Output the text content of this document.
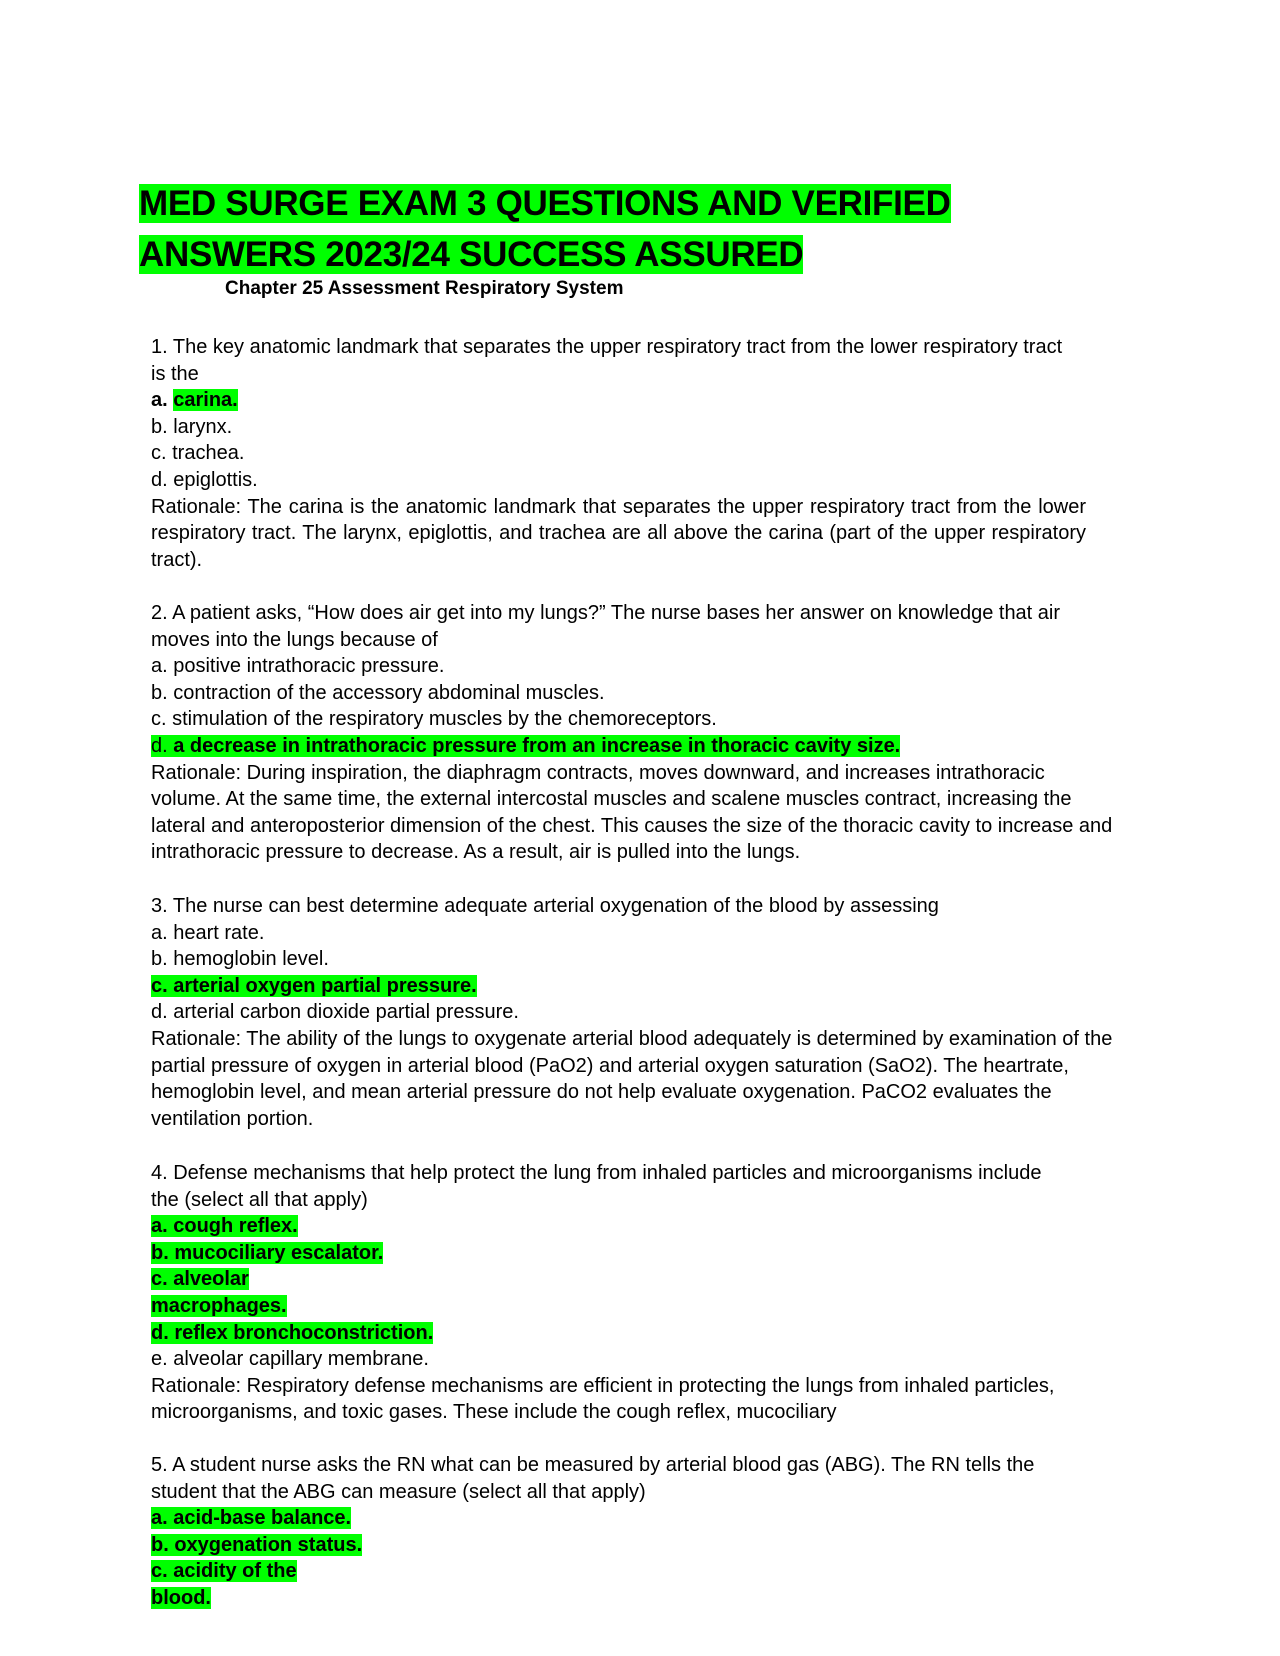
MED SURGE EXAM 3 QUESTIONS AND VERIFIED
ANSWERS 2023/24 SUCCESS ASSURED
Chapter 25 Assessment Respiratory System

1. The key anatomic landmark that separates the upper respiratory tract from the lower respiratory tract

is the

a. carina.

b. larynx.

c. trachea.

d. epiglottis.

Rationale: The carina is the anatomic landmark that separates the upper respiratory tract from the lower respiratory tract. The larynx, epiglottis, and trachea are all above the carina (part of the upper respiratory tract).

2. A patient asks, “How does air get into my lungs?” The nurse bases her answer on knowledge that air

moves into the lungs because of

a. positive intrathoracic pressure.

b. contraction of the accessory abdominal muscles.

c. stimulation of the respiratory muscles by the chemoreceptors.

d. a decrease in intrathoracic pressure from an increase in thoracic cavity size.

Rationale: During inspiration, the diaphragm contracts, moves downward, and increases intrathoracic

volume. At the same time, the external intercostal muscles and scalene muscles contract, increasing the

lateral and anteroposterior dimension of the chest. This causes the size of the thoracic cavity to increase and

intrathoracic pressure to decrease. As a result, air is pulled into the lungs.

3. The nurse can best determine adequate arterial oxygenation of the blood by assessing

a. heart rate.

b. hemoglobin level.

c. arterial oxygen partial pressure.

d. arterial carbon dioxide partial pressure.

Rationale: The ability of the lungs to oxygenate arterial blood adequately is determined by examination of the

partial pressure of oxygen in arterial blood (PaO2) and arterial oxygen saturation (SaO2). The heartrate,

hemoglobin level, and mean arterial pressure do not help evaluate oxygenation. PaCO2 evaluates the

ventilation portion.

4. Defense mechanisms that help protect the lung from inhaled particles and microorganisms include

the (select all that apply)

a. cough reflex.

b. mucociliary escalator.

c. alveolar

macrophages.

d. reflex bronchoconstriction.

e. alveolar capillary membrane.

Rationale: Respiratory defense mechanisms are efficient in protecting the lungs from inhaled particles,

microorganisms, and toxic gases. These include the cough reflex, mucociliary

5. A student nurse asks the RN what can be measured by arterial blood gas (ABG). The RN tells the

student that the ABG can measure (select all that apply)

a. acid-base balance.

b. oxygenation status.

c. acidity of the

blood.
